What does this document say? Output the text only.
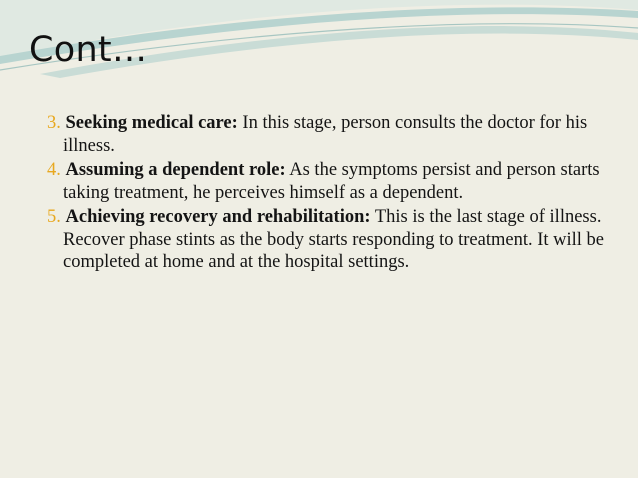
Cont…
3. Seeking medical care: In this stage, person consults the doctor for his illness.
4. Assuming a dependent role: As the symptoms persist and person starts taking treatment, he perceives himself as a dependent.
5. Achieving recovery and rehabilitation: This is the last stage of illness. Recover phase stints as the body starts responding to treatment. It will be completed at home and at the hospital settings.
